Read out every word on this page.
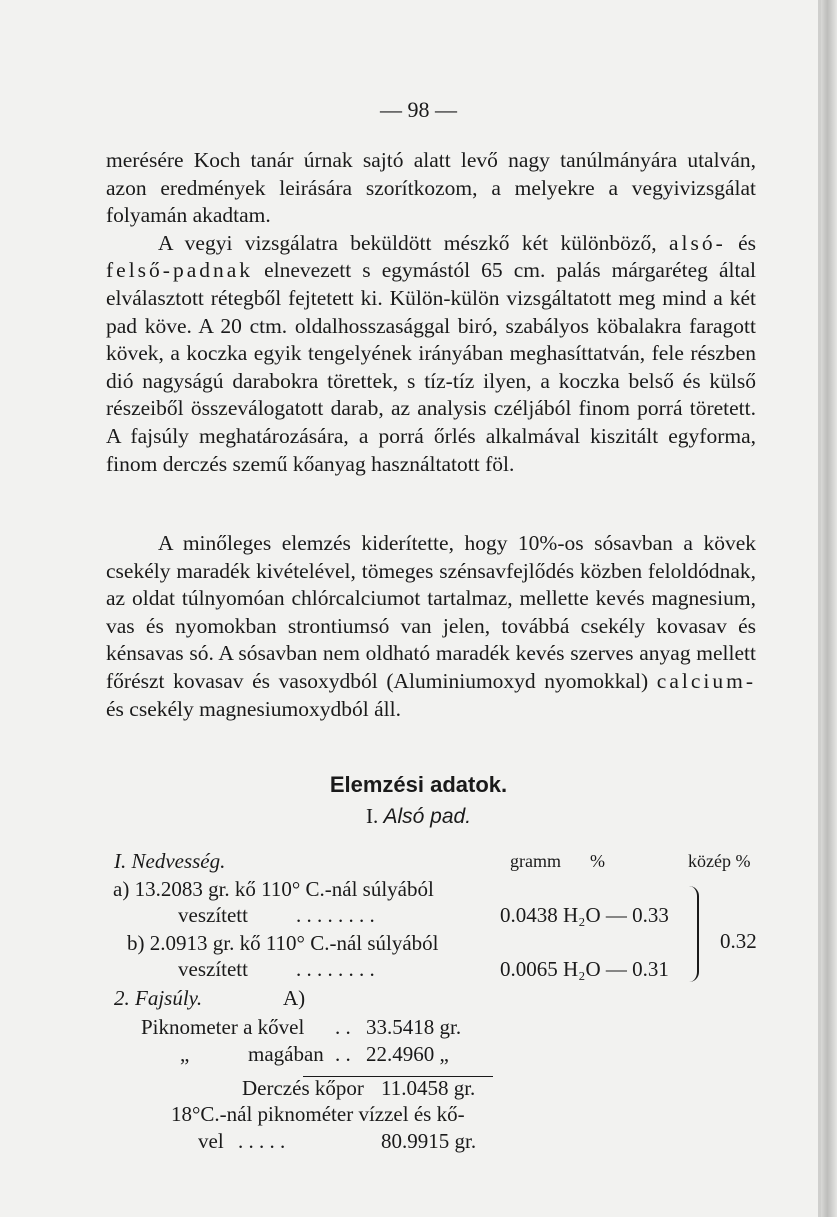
— 98 —

merésére Koch tanár úrnak sajtó alatt levő nagy tanúlmányára utalván, azon eredmények leirására szorítkozom, a melyekre a vegyivizsgálat folyamán akadtam.

A vegyi vizsgálatra beküldött mészkő két különböző, alsó- és felső-padnak elnevezett s egymástól 65 cm. palás márgaréteg által elválasztott rétegből fejtetett ki. Külön-külön vizsgáltatott meg mind a két pad köve. A 20 ctm. oldalhosszasággal biró, szabályos köbalakra faragott kövek, a koczka egyik tengelyének irányában meghasíttatván, fele részben dió nagyságú darabokra törettek, s tíz-tíz ilyen, a koczka belső és külső részeiből összeválogatott darab, az analysis czéljából finom porrá töretett. A fajsúly meghatározására, a porrá őrlés alkalmával kiszitált egyforma, finom derczés szemű kőanyag használtatott föl.

A minőleges elemzés kiderítette, hogy 10%-os sósavban a kövek csekély maradék kivételével, tömeges szénsavfejlődés közben feloldódnak, az oldat túlnyomóan chlórcalciumot tartalmaz, mellette kevés magnesium, vas és nyomokban strontiumsó van jelen, továbbá csekély kovasav és kénsavas só. A sósavban nem oldható maradék kevés szerves anyag mellett főrészt kovasav és vasoxydból (Aluminiumoxyd nyomokkal) calcium- és csekély magnesiumoxydból áll.

Elemzési adatok.
I. Alsó pad.
I. Nedvesség.	gramm %	közép %
a) 13.2083 gr. kő 110° C.-nál súlyából
veszített . . . . . . . .	0.0438 H₂O — 0.33
b) 2.0913 gr. kő 110° C.-nál súlyából
veszített . . . . . . . .	0.0065 H₂O — 0.31
0.32
2. Fajsúly.	A)
Piknometer a kővel . . 33.5418 gr.
„	magában . . 22.4960 „
Derczés kőpor 11.0458 gr.
18°C.-nál piknométer vízzel és kő-
vel . . . . .	80.9915 gr.
